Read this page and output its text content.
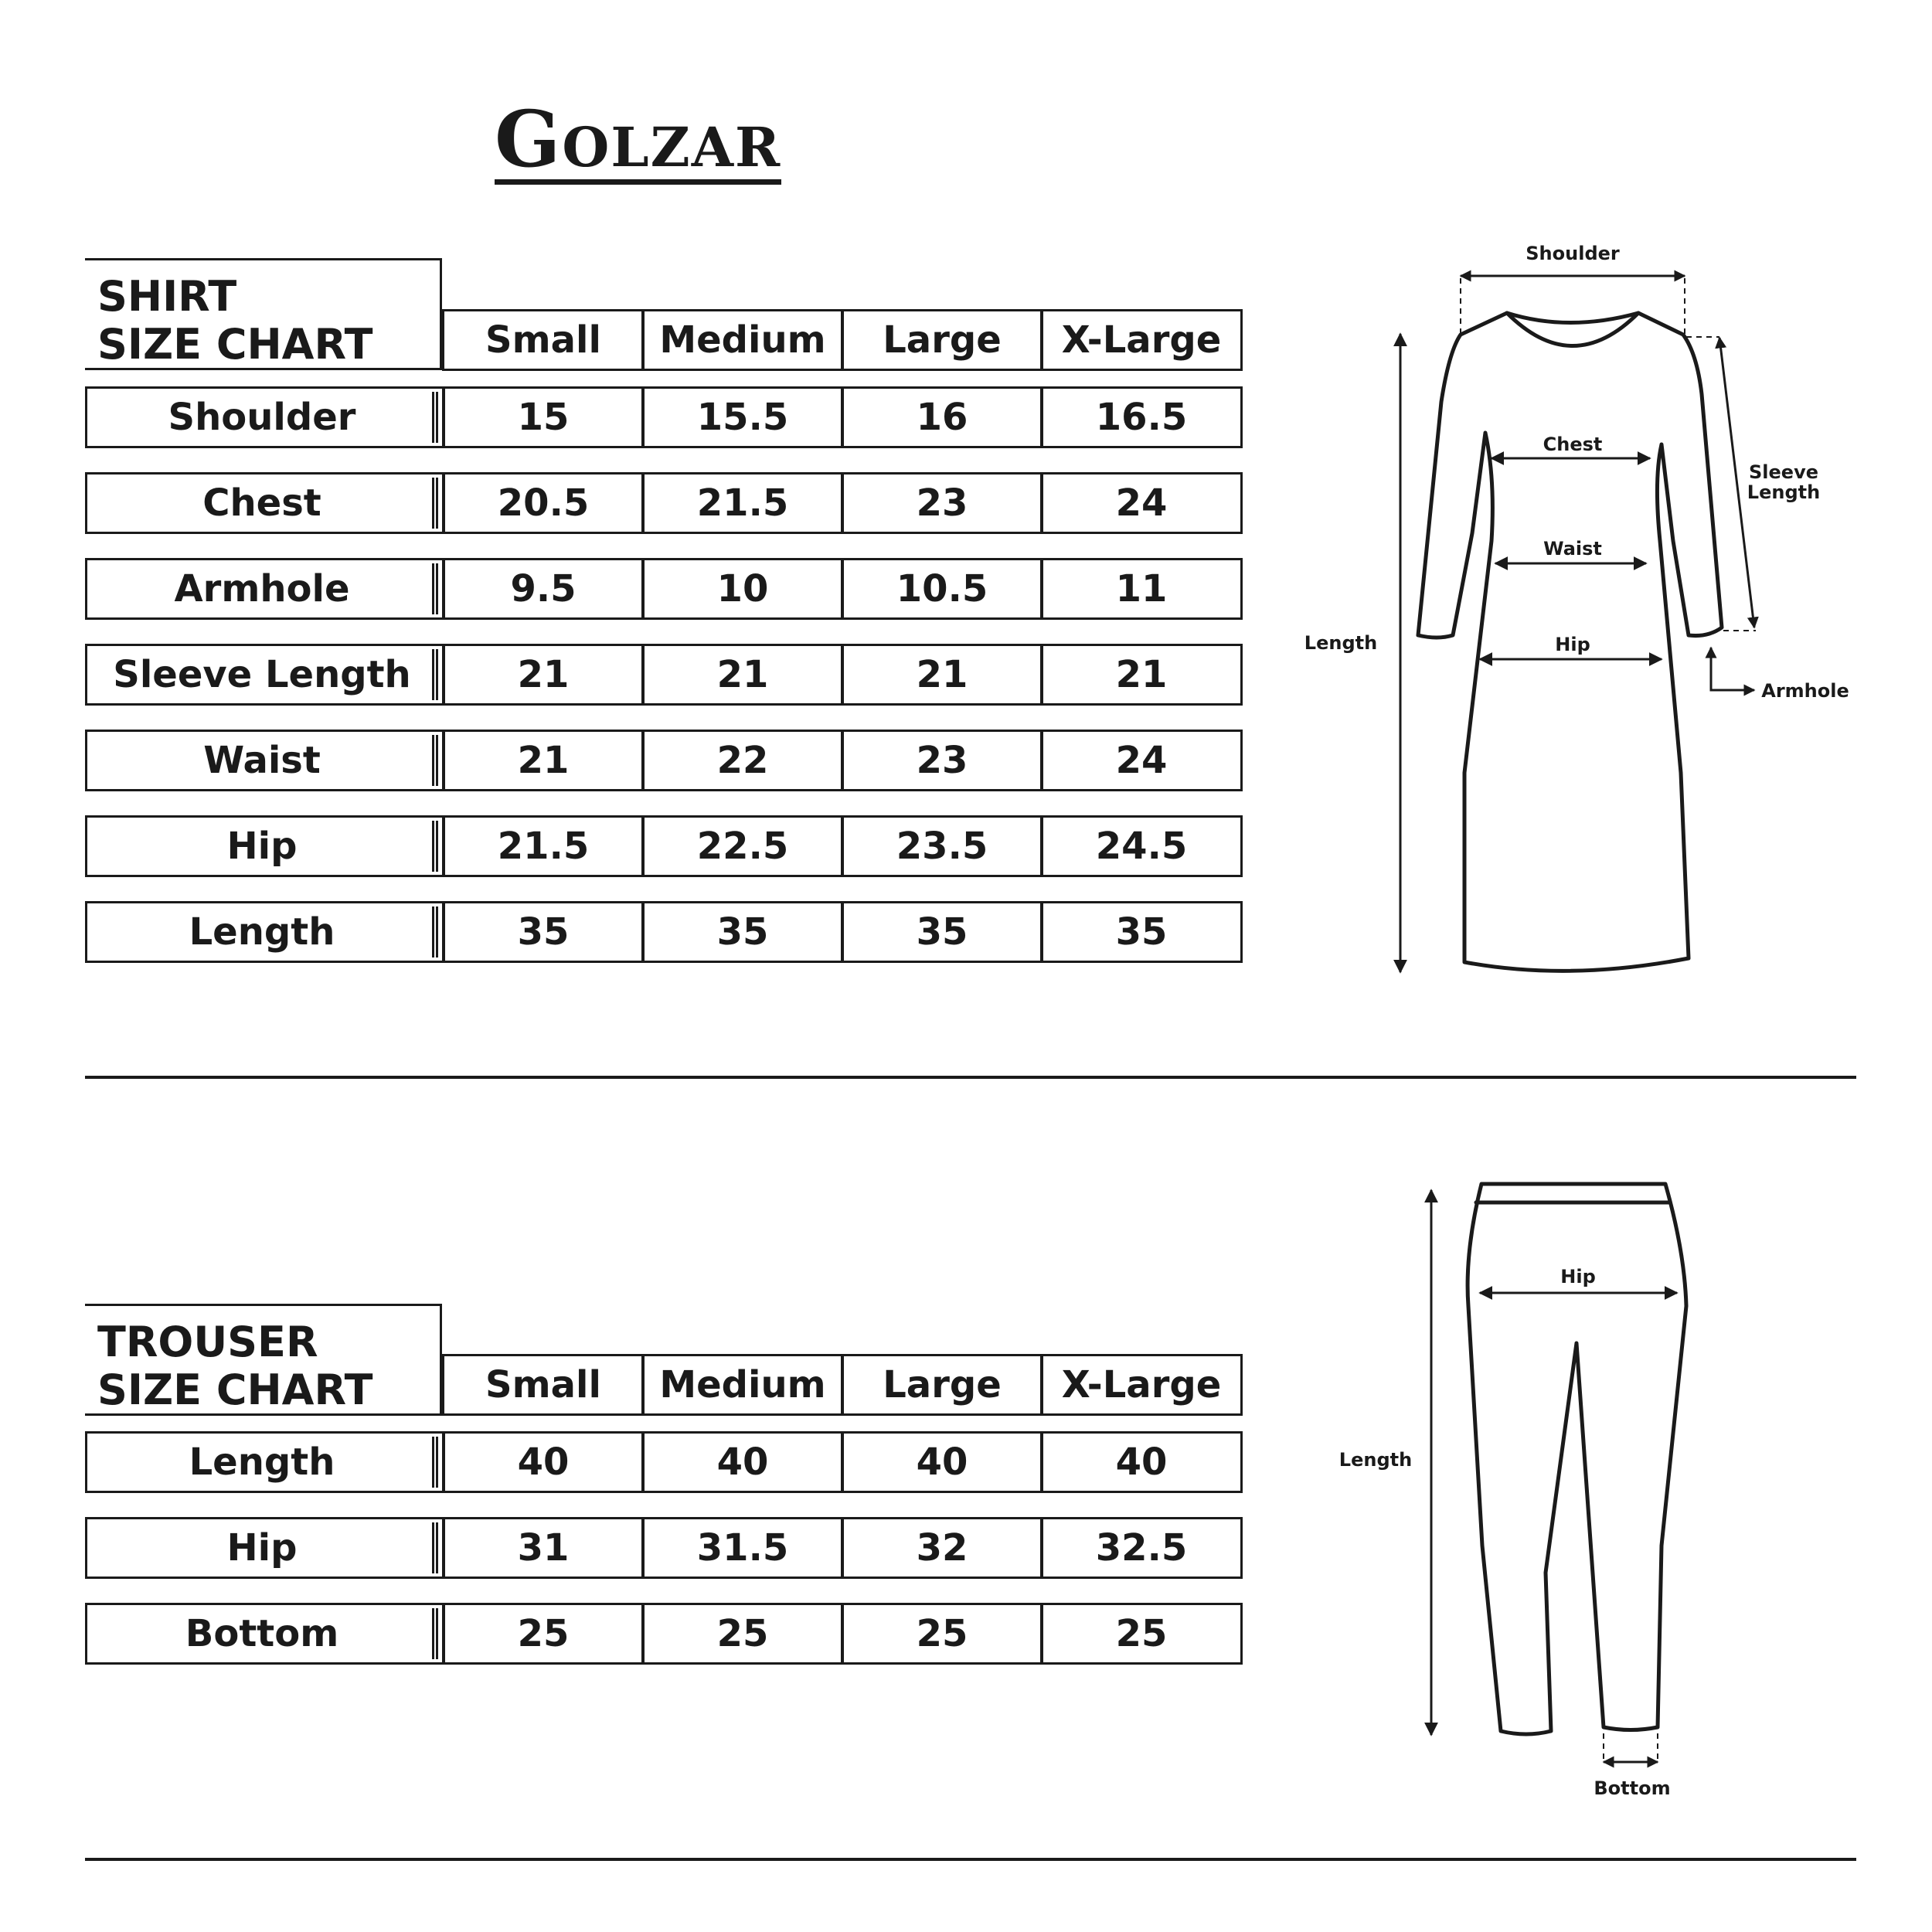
Golzar
SHIRT
SIZE CHART	Small	Medium	Large	X-Large
Shoulder	15	15.5	16	16.5
Chest	20.5	21.5	23	24
Armhole	9.5	10	10.5	11
Sleeve Length	21	21	21	21
Waist	21	22	23	24
Hip	21.5	22.5	23.5	24.5
Length	35	35	35	35
TROUSER
SIZE CHART	Small	Medium	Large	X-Large
Length	40	40	40	40
Hip	31	31.5	32	32.5
Bottom	25	25	25	25
Shoulder
Chest
Waist
Hip
Sleeve
Length
Length
Armhole
Hip
Length
Bottom
